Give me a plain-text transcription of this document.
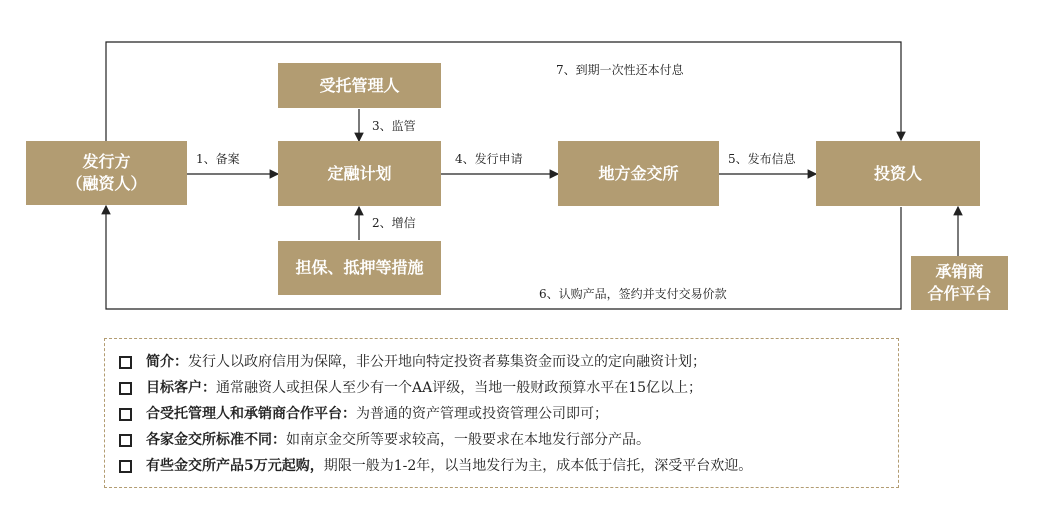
发行方
（融资人）
受托管理人
定融计划
担保、抵押等措施
地方金交所	投资人
承销商
合作平台
1、备案
3、监管
2、增信
4、发行申请	5、发布信息
7、到期一次性还本付息
6、认购产品，签约并支付交易价款
简介： 发行人以政府信用为保障，非公开地向特定投资者募集资金而设立的定向融资计划；
目标客户： 通常融资人或担保人至少有一个AA评级，当地一般财政预算水平在15亿以上；
合受托管理人和承销商合作平台： 为普通的资产管理或投资管理公司即可；
各家金交所标准不同： 如南京金交所等要求较高，一般要求在本地发行部分产品。
有些金交所产品5万元起购， 期限一般为1-2年，以当地发行为主，成本低于信托，深受平台欢迎。
